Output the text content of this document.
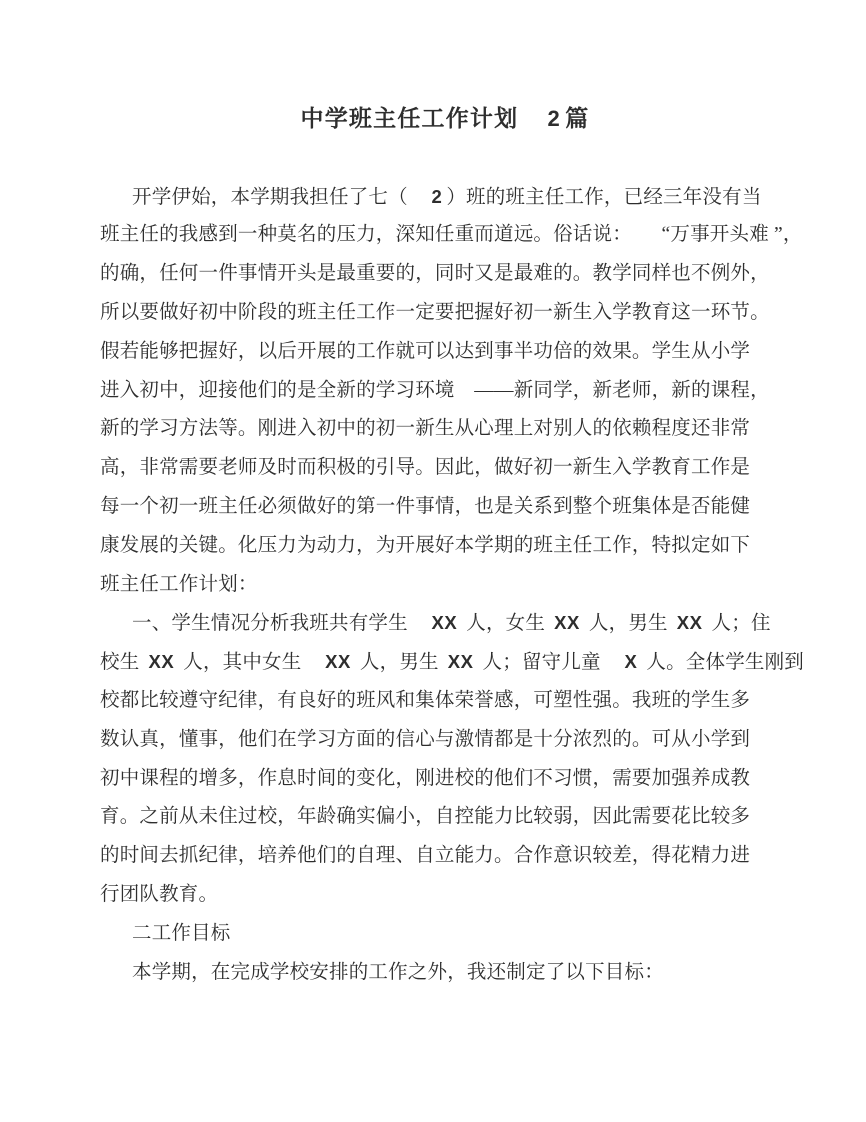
中学班主任工作计划　2 篇
开学伊始，本学期我担任了七（　2 ）班的班主任工作，已经三年没有当
班主任的我感到一种莫名的压力，深知任重而道远。俗话说：　　“万事开头难 ”，
的确，任何一件事情开头是最重要的，同时又是最难的。教学同样也不例外，
所以要做好初中阶段的班主任工作一定要把握好初一新生入学教育这一环节。
假若能够把握好，以后开展的工作就可以达到事半功倍的效果。学生从小学
进入初中，迎接他们的是全新的学习环境　——新同学，新老师，新的课程，
新的学习方法等。刚进入初中的初一新生从心理上对别人的依赖程度还非常
高，非常需要老师及时而积极的引导。因此，做好初一新生入学教育工作是
每一个初一班主任必须做好的第一件事情，也是关系到整个班集体是否能健
康发展的关键。化压力为动力，为开展好本学期的班主任工作，特拟定如下
班主任工作计划：
一、学生情况分析我班共有学生　XX 人，女生 XX 人，男生 XX 人；住
校生 XX 人，其中女生　XX 人，男生 XX 人；留守儿童　X 人。全体学生刚到
校都比较遵守纪律，有良好的班风和集体荣誉感，可塑性强。我班的学生多
数认真，懂事，他们在学习方面的信心与激情都是十分浓烈的。可从小学到
初中课程的增多，作息时间的变化，刚进校的他们不习惯，需要加强养成教
育。之前从未住过校，年龄确实偏小，自控能力比较弱，因此需要花比较多
的时间去抓纪律，培养他们的自理、自立能力。合作意识较差，得花精力进
行团队教育。
二工作目标
本学期，在完成学校安排的工作之外，我还制定了以下目标：
